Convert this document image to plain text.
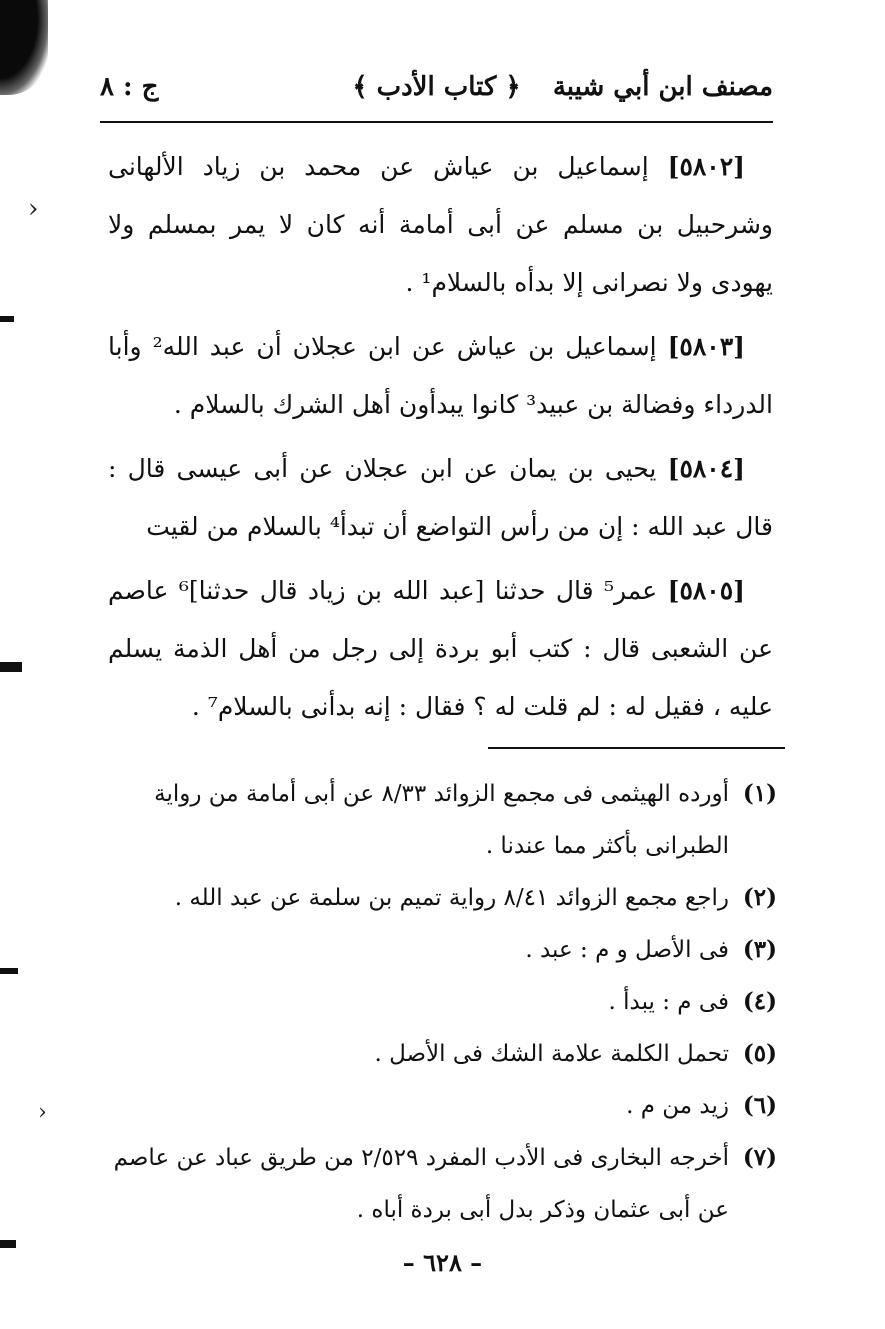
›
›
مصنف ابن أبي شيبة
﴿ كتاب الأدب ﴾
ج : ٨

[٥٨٠٢] إسماعيل بن عياش عن محمد بن زياد الألهانى وشرحبيل بن مسلم عن أبى أمامة أنه كان لا يمر بمسلم ولا يهودى ولا نصرانى إلا بدأه بالسلام¹ .

[٥٨٠٣] إسماعيل بن عياش عن ابن عجلان أن عبد الله² وأبا الدرداء وفضالة بن عبيد³ كانوا يبدأون أهل الشرك بالسلام .

[٥٨٠٤] يحيى بن يمان عن ابن عجلان عن أبى عيسى قال : قال عبد الله : إن من رأس التواضع أن تبدأ⁴ بالسلام من لقيت

[٥٨٠٥] عمر⁵ قال حدثنا [عبد الله بن زياد قال حدثنا]⁶ عاصم عن الشعبى قال : كتب أبو بردة إلى رجل من أهل الذمة يسلم عليه ، فقيل له : لم قلت له ؟ فقال : إنه بدأنى بالسلام⁷ .

(١)
أورده الهيثمى فى مجمع الزوائد ٨/٣٣ عن أبى أمامة من رواية الطبرانى بأكثر مما عندنا .
(٢)
راجع مجمع الزوائد ٨/٤١ رواية تميم بن سلمة عن عبد الله .
(٣)
فى الأصل و م : عبد .
(٤)
فى م : يبدأ .
(٥)
تحمل الكلمة علامة الشك فى الأصل .
(٦)
زيد من م .
(٧)
أخرجه البخارى فى الأدب المفرد ٢/٥٢٩ من طريق عباد عن عاصم عن أبى عثمان وذكر بدل أبى بردة أباه .
– ٦٢٨ –
